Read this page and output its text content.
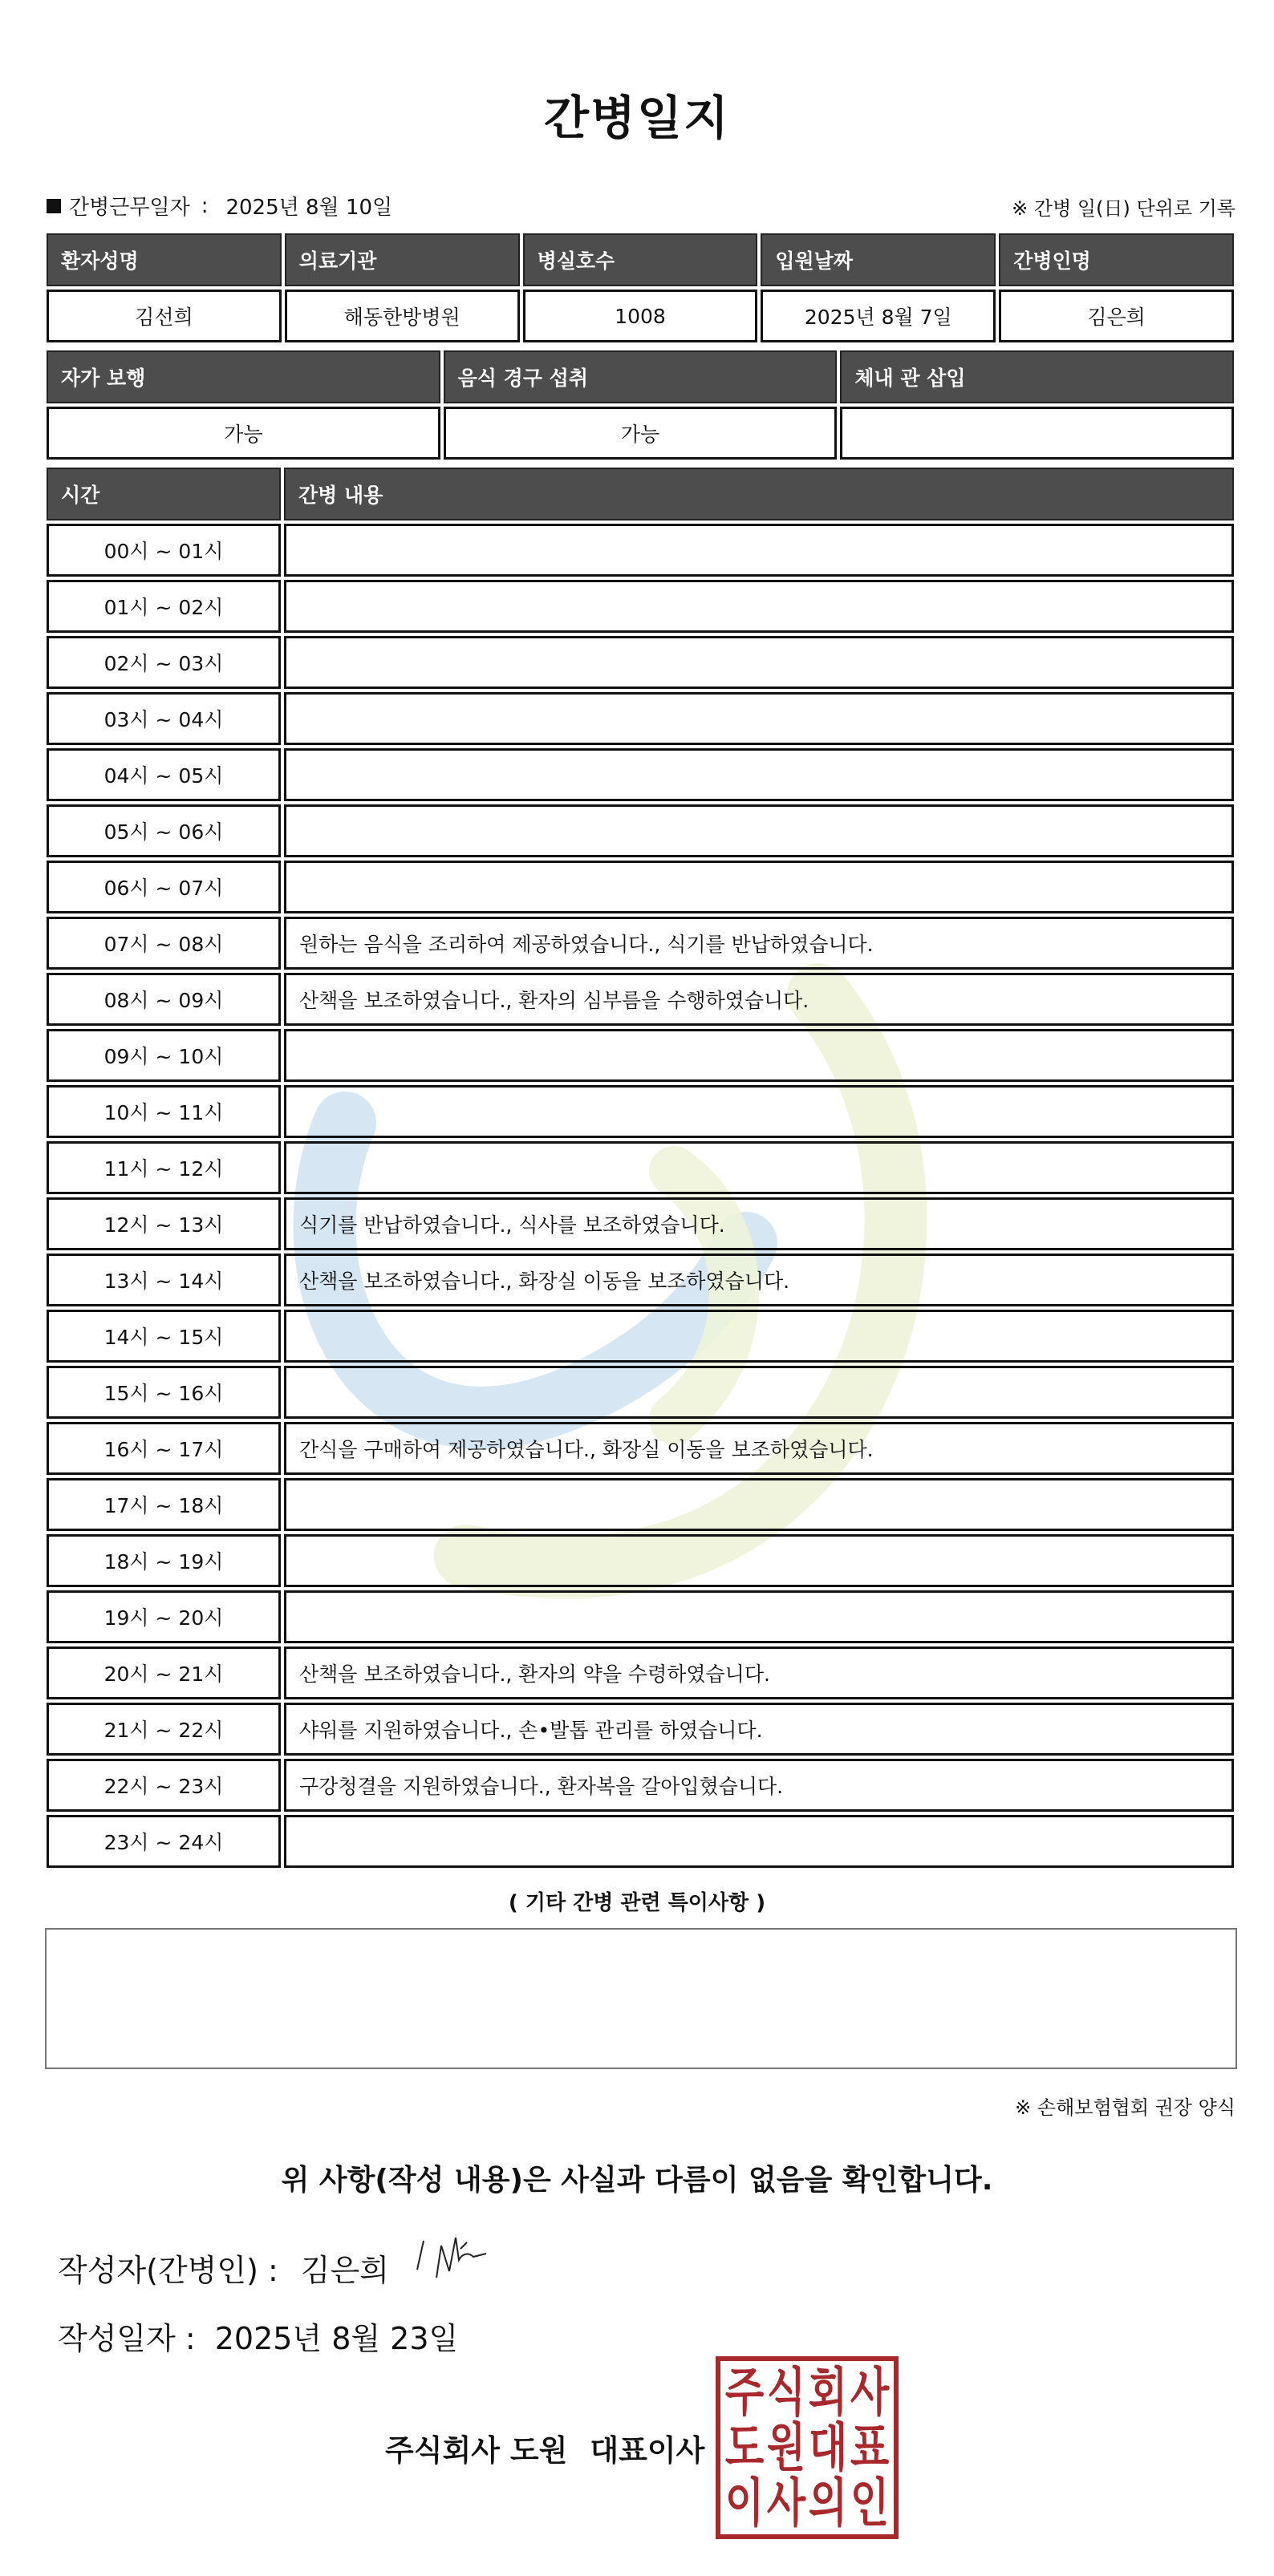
간병일지
간병근무일자 : 2025년 8월 10일	※ 간병 일(日) 단위로 기록
환자성명	의료기관	병실호수	입원날짜	간병인명
김선희	해동한방병원	1008	2025년 8월 7일	김은희
자가 보행	음식 경구 섭취	체내 관 삽입
가능	가능	
시간	간병 내용
00시 ~ 01시	
01시 ~ 02시	
02시 ~ 03시	
03시 ~ 04시	
04시 ~ 05시	
05시 ~ 06시	
06시 ~ 07시	
07시 ~ 08시	원하는 음식을 조리하여 제공하였습니다., 식기를 반납하였습니다.
08시 ~ 09시	산책을 보조하였습니다., 환자의 심부름을 수행하였습니다.
09시 ~ 10시	
10시 ~ 11시	
11시 ~ 12시	
12시 ~ 13시	식기를 반납하였습니다., 식사를 보조하였습니다.
13시 ~ 14시	산책을 보조하였습니다., 화장실 이동을 보조하였습니다.
14시 ~ 15시	
15시 ~ 16시	
16시 ~ 17시	간식을 구매하여 제공하였습니다., 화장실 이동을 보조하였습니다.
17시 ~ 18시	
18시 ~ 19시	
19시 ~ 20시	
20시 ~ 21시	산책을 보조하였습니다., 환자의 약을 수령하였습니다.
21시 ~ 22시	샤워를 지원하였습니다., 손•발톱 관리를 하였습니다.
22시 ~ 23시	구강청결을 지원하였습니다., 환자복을 갈아입혔습니다.
23시 ~ 24시	
( 기타 간병 관련 특이사항 )
※ 손해보험협회 권장 양식
위 사항(작성 내용)은 사실과 다름이 없음을 확인합니다.
작성자(간병인) : 김은희
작성일자 : 2025년 8월 23일
주식회사 도원 대표이사
주 식 회 사
도 원 대 표
이 사 의 인
